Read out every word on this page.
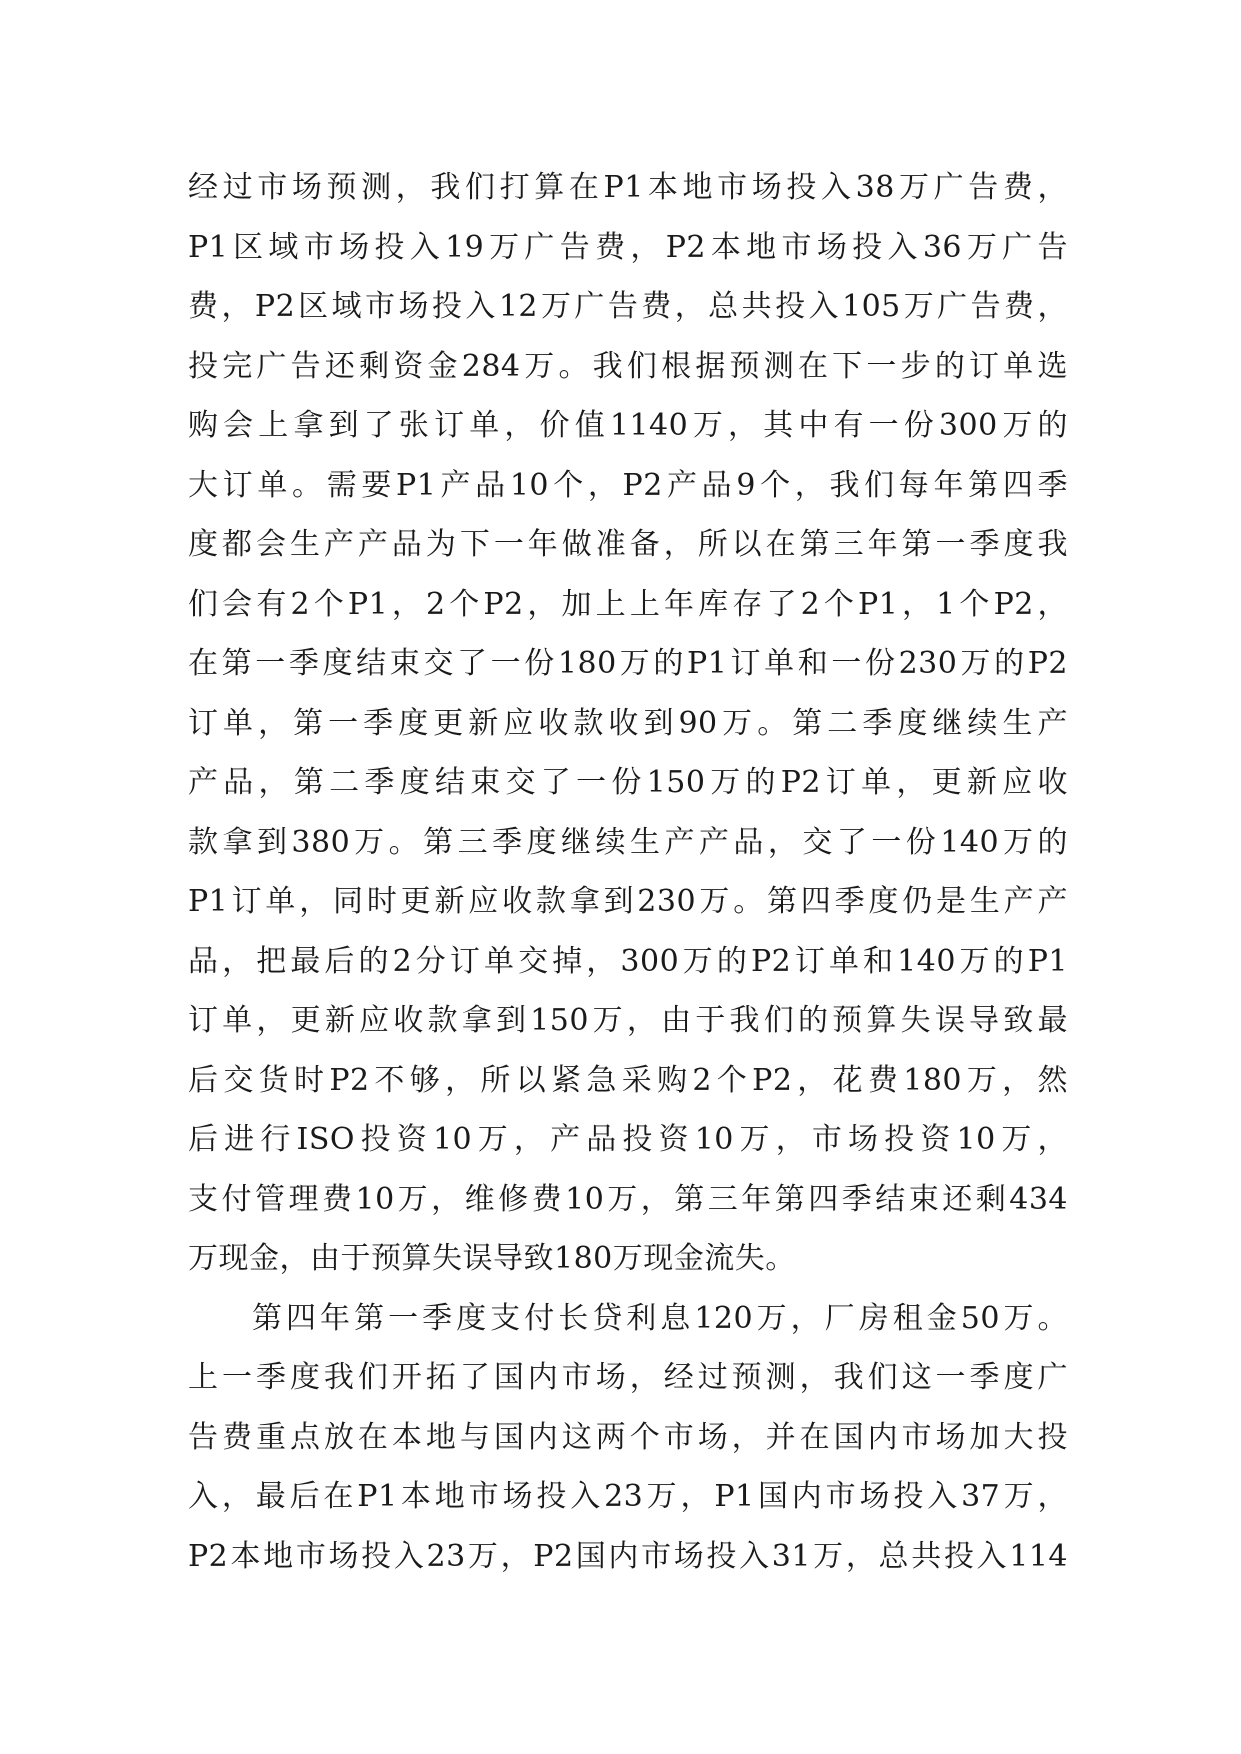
经过市场预测，我们打算在P1本地市场投入38万广告费，
P1区域市场投入19万广告费，P2本地市场投入36万广告
费，P2区域市场投入12万广告费，总共投入105万广告费，
投完广告还剩资金284万。我们根据预测在下一步的订单选
购会上拿到了张订单，价值1140万，其中有一份300万的
大订单。需要P1产品10个，P2产品9个，我们每年第四季
度都会生产产品为下一年做准备，所以在第三年第一季度我
们会有2个P1，2个P2，加上上年库存了2个P1，1个P2，
在第一季度结束交了一份180万的P1订单和一份230万的P2
订单，第一季度更新应收款收到90万。第二季度继续生产
产品，第二季度结束交了一份150万的P2订单，更新应收
款拿到380万。第三季度继续生产产品，交了一份140万的
P1订单，同时更新应收款拿到230万。第四季度仍是生产产
品，把最后的2分订单交掉，300万的P2订单和140万的P1
订单，更新应收款拿到150万，由于我们的预算失误导致最
后交货时P2不够，所以紧急采购2个P2，花费180万，然
后进行ISO投资10万，产品投资10万，市场投资10万，
支付管理费10万，维修费10万，第三年第四季结束还剩434
万现金，由于预算失误导致180万现金流失。
第四年第一季度支付长贷利息120万，厂房租金50万。
上一季度我们开拓了国内市场，经过预测，我们这一季度广
告费重点放在本地与国内这两个市场，并在国内市场加大投
入，最后在P1本地市场投入23万，P1国内市场投入37万，
P2本地市场投入23万，P2国内市场投入31万，总共投入114
